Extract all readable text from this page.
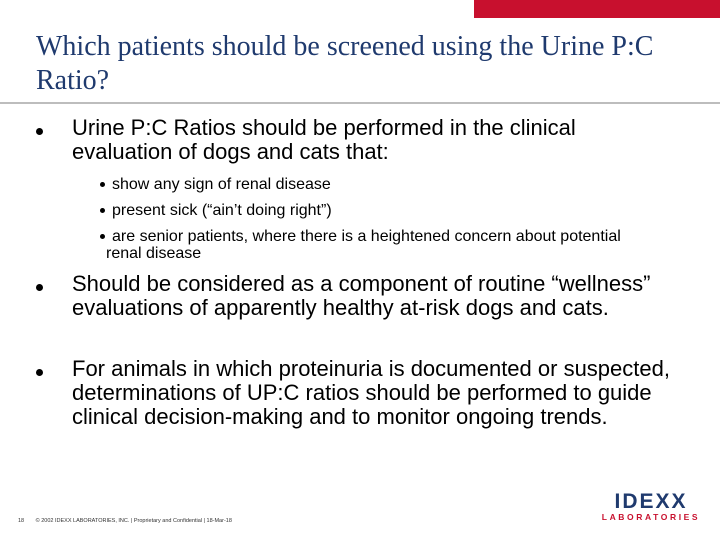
Which patients should be screened using the Urine P:C Ratio?
Urine P:C Ratios should be performed in the clinical evaluation of dogs and cats that:
show any sign of renal disease
present sick (“ain’t doing right”)
are senior patients, where there is a heightened concern about potential renal disease
Should be considered as a component of routine “wellness” evaluations of apparently healthy at-risk dogs and cats.
For animals in which proteinuria is documented or suspected, determinations of UP:C ratios should be performed to guide clinical decision-making and to monitor ongoing trends.
18 © 2002 IDEXX LABORATORIES, INC. | Proprietary and Confidential | 18-Mar-18
IDEXX
LABORATORIES
